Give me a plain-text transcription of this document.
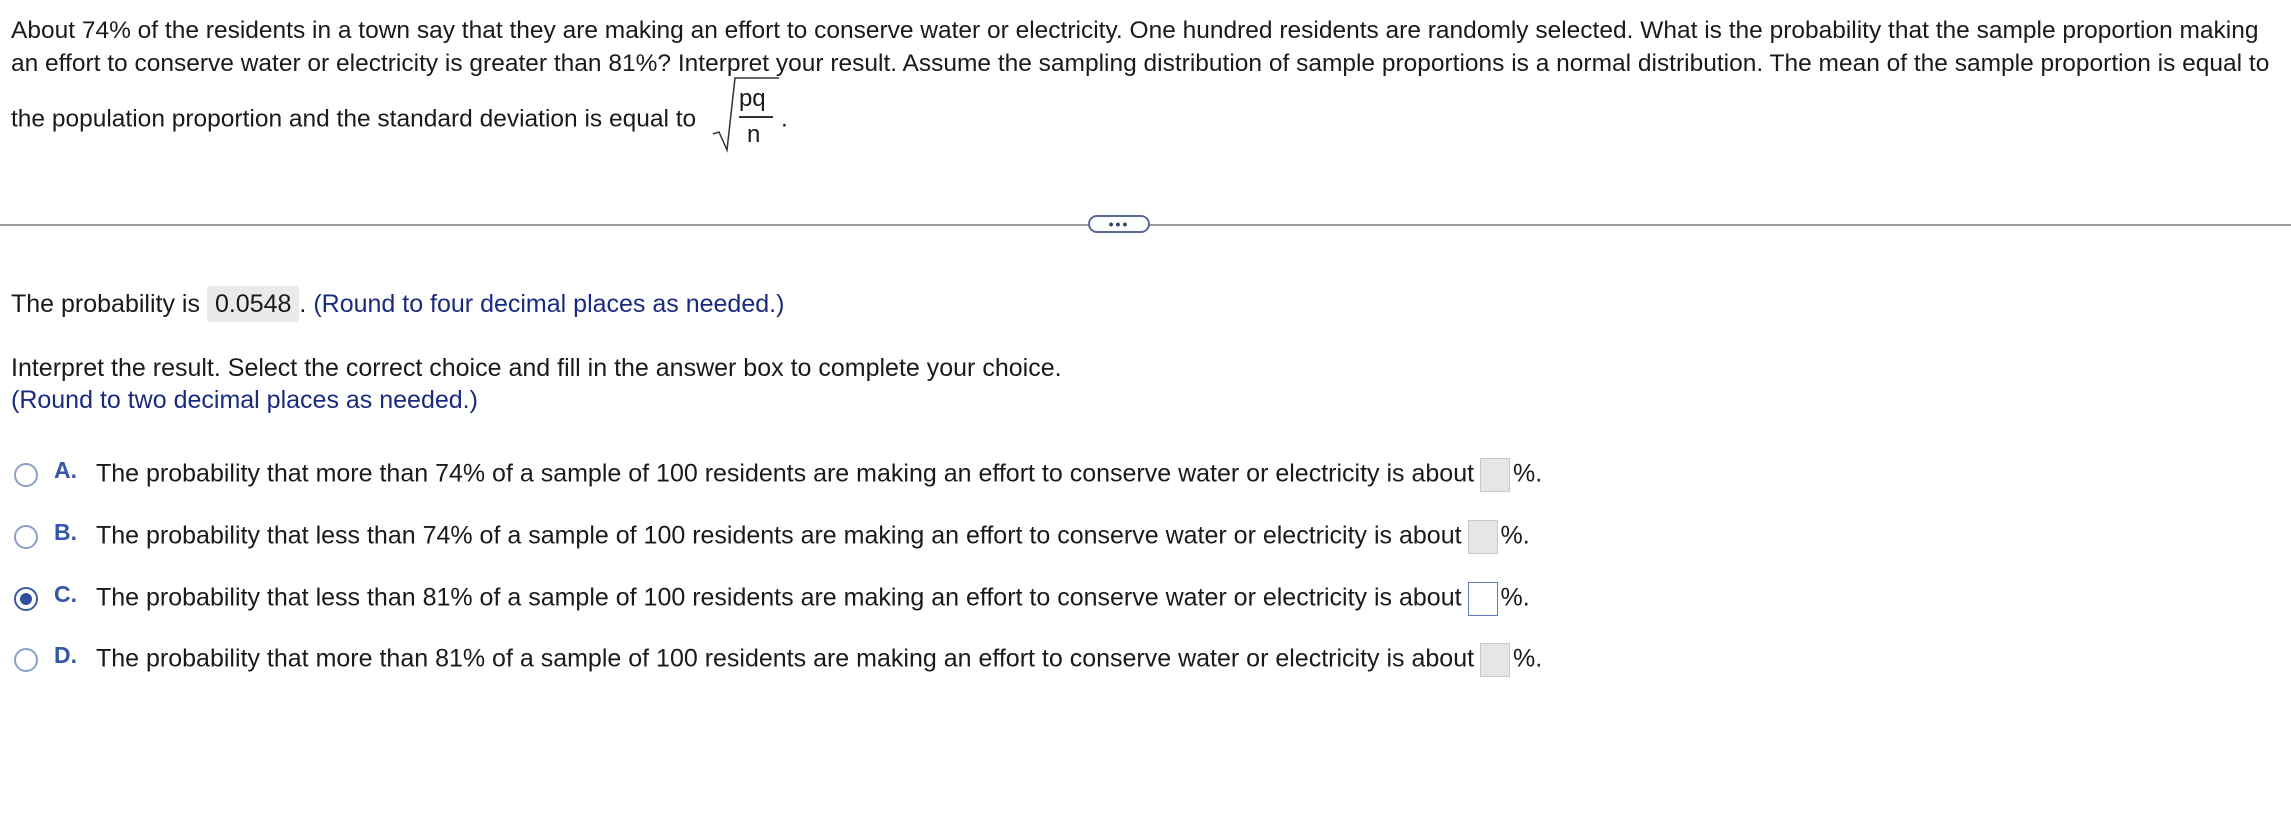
About 74% of the residents in a town say that they are making an effort to conserve water or electricity. One hundred residents are randomly selected. What is the probability that the sample proportion making an effort to conserve water or electricity is greater than 81%? Interpret your result. Assume the sampling distribution of sample proportions is a normal distribution. The mean of the sample proportion is equal to the population proportion and the standard deviation is equal to $\frac{pq}{n}$ .
•••
The probability is 0.0548 . (Round to four decimal places as needed.)
Interpret the result. Select the correct choice and fill in the answer box to complete your choice.
(Round to two decimal places as needed.)
A. The probability that more than 74% of a sample of 100 residents are making an effort to conserve water or electricity is about %.
B. The probability that less than 74% of a sample of 100 residents are making an effort to conserve water or electricity is about %.
C. The probability that less than 81% of a sample of 100 residents are making an effort to conserve water or electricity is about %.
D. The probability that more than 81% of a sample of 100 residents are making an effort to conserve water or electricity is about %.
